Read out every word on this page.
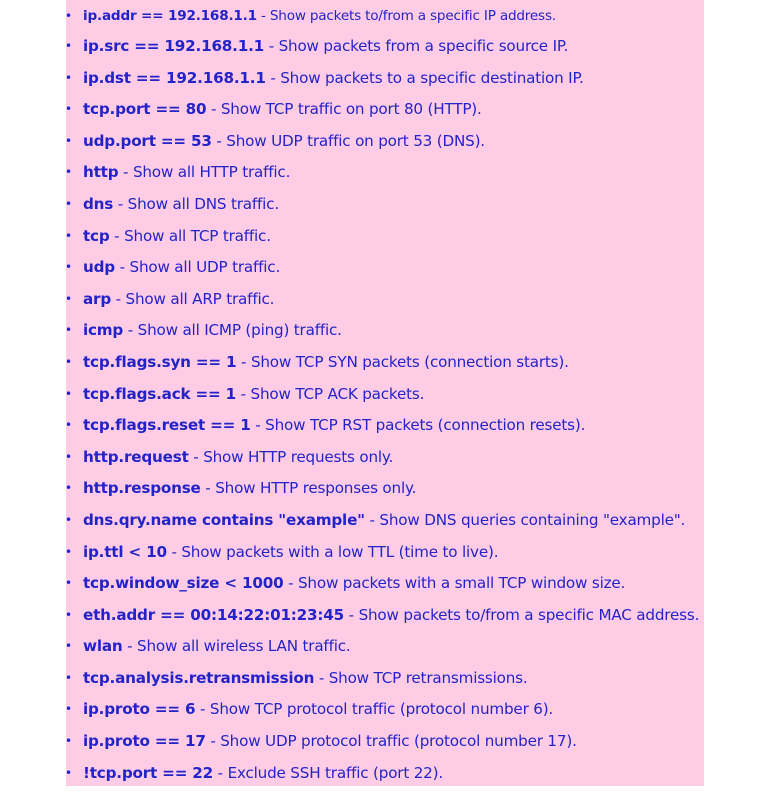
• ip.addr == 192.168.1.1 - Show packets to/from a specific IP address.
• ip.src == 192.168.1.1 - Show packets from a specific source IP.
• ip.dst == 192.168.1.1 - Show packets to a specific destination IP.
• tcp.port == 80 - Show TCP traffic on port 80 (HTTP).
• udp.port == 53 - Show UDP traffic on port 53 (DNS).
• http - Show all HTTP traffic.
• dns - Show all DNS traffic.
• tcp - Show all TCP traffic.
• udp - Show all UDP traffic.
• arp - Show all ARP traffic.
• icmp - Show all ICMP (ping) traffic.
• tcp.flags.syn == 1 - Show TCP SYN packets (connection starts).
• tcp.flags.ack == 1 - Show TCP ACK packets.
• tcp.flags.reset == 1 - Show TCP RST packets (connection resets).
• http.request - Show HTTP requests only.
• http.response - Show HTTP responses only.
• dns.qry.name contains "example" - Show DNS queries containing "example".
• ip.ttl < 10 - Show packets with a low TTL (time to live).
• tcp.window_size < 1000 - Show packets with a small TCP window size.
• eth.addr == 00:14:22:01:23:45 - Show packets to/from a specific MAC address.
• wlan - Show all wireless LAN traffic.
• tcp.analysis.retransmission - Show TCP retransmissions.
• ip.proto == 6 - Show TCP protocol traffic (protocol number 6).
• ip.proto == 17 - Show UDP protocol traffic (protocol number 17).
• !tcp.port == 22 - Exclude SSH traffic (port 22).
